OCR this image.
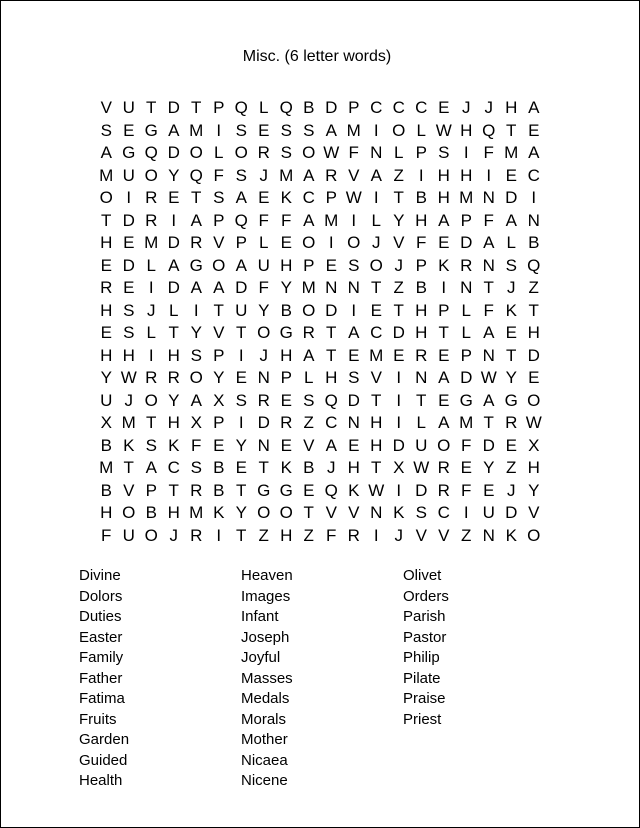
Misc. (6 letter words)
V U T D T P Q L Q B D P C C C E J J H A
S E G A M I S E S S A M I O L W H Q T E
A G Q D O L O R S O W F N L P S I F M A
M U O Y Q F S J M A R V A Z I H H I E C
O I R E T S A E K C P W I T B H M N D I
T D R I A P Q F F A M I L Y H A P F A N
H E M D R V P L E O I O J V F E D A L B
E D L A G O A U H P E S O J P K R N S Q
R E I D A A D F Y M N N T Z B I N T J Z
H S J L I T U Y B O D I E T H P L F K T
E S L T Y V T O G R T A C D H T L A E H
H H I H S P I J H A T E M E R E P N T D
Y W R R O Y E N P L H S V I N A D W Y E
U J O Y A X S R E S Q D T I T E G A G O
X M T H X P I D R Z C N H I L A M T R W
B K S K F E Y N E V A E H D U O F D E X
M T A C S B E T K B J H T X W R E Y Z H
B V P T R B T G G E Q K W I D R F E J Y
H O B H M K Y O O T V V N K S C I U D V
F U O J R I T Z H Z F R I J V V Z N K O
Divine
Dolors
Duties
Easter
Family
Father
Fatima
Fruits
Garden
Guided
Health
Heaven
Images
Infant
Joseph
Joyful
Masses
Medals
Morals
Mother
Nicaea
Nicene
Olivet
Orders
Parish
Pastor
Philip
Pilate
Praise
Priest
